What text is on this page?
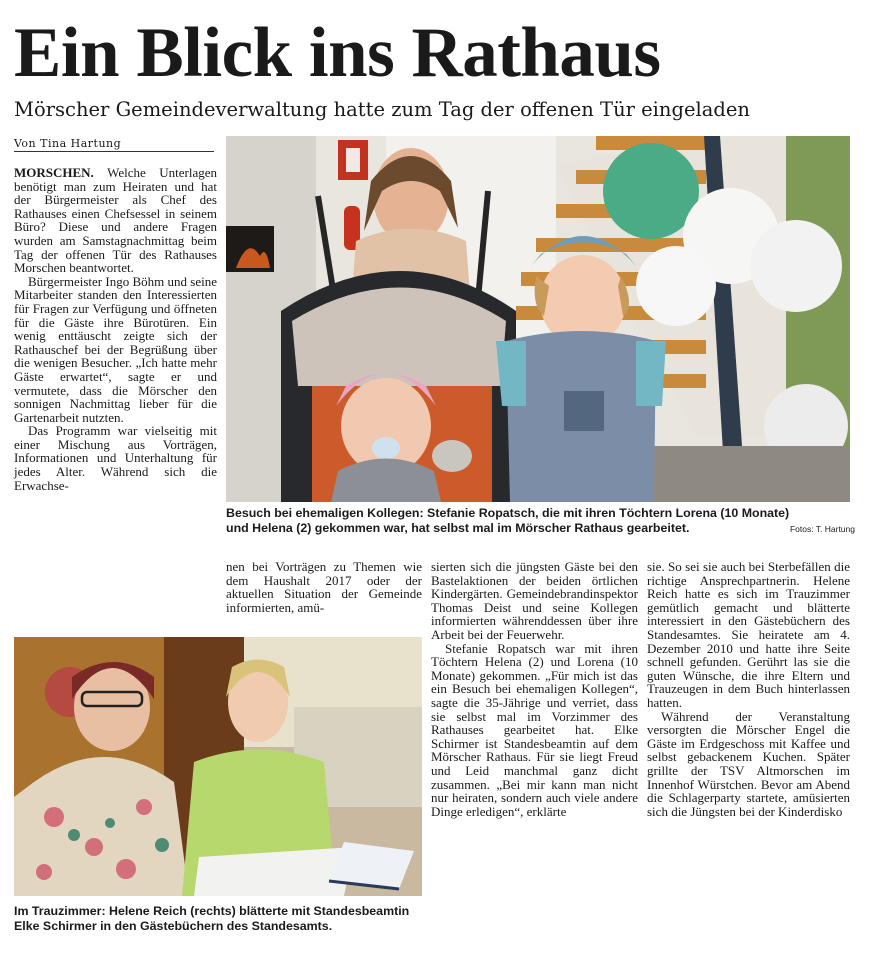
Ein Blick ins Rathaus
Mörscher Gemeindeverwaltung hatte zum Tag der offenen Tür eingeladen
Von Tina Hartung

MORSCHEN. Welche Unterlagen benötigt man zum Heiraten und hat der Bürgermeister als Chef des Rathauses einen Chefsessel in seinem Büro? Diese und andere Fragen wurden am Samstagnachmittag beim Tag der offenen Tür des Rathauses Morschen beantwortet.

Bürgermeister Ingo Böhm und seine Mitarbeiter standen den Interessierten für Fragen zur Verfügung und öffneten für die Gäste ihre Bürotüren. Ein wenig enttäuscht zeigte sich der Rathauschef bei der Begrüßung über die wenigen Besucher. „Ich hatte mehr Gäste erwartet“, sagte er und vermutete, dass die Mörscher den sonnigen Nachmittag lieber für die Gartenarbeit nutzten.

Das Programm war vielseitig mit einer Mischung aus Vorträgen, Informationen und Unterhaltung für jedes Alter. Während sich die Erwachse-

Besuch bei ehemaligen Kollegen: Stefanie Ropatsch, die mit ihren Töchtern Lorena (10 Monate) und Helena (2) gekommen war, hat selbst mal im Mörscher Rathaus gearbeitet.	Fotos: T. Hartung

nen bei Vorträgen zu Themen wie dem Haushalt 2017 oder der aktuellen Situation der Gemeinde informierten, amü-

sierten sich die jüngsten Gäste bei den Bastelaktionen der beiden örtlichen Kindergärten. Gemeindebrandinspektor Thomas Deist und seine Kollegen informierten währenddessen über ihre Arbeit bei der Feuerwehr.

Stefanie Ropatsch war mit ihren Töchtern Helena (2) und Lorena (10 Monate) gekommen. „Für mich ist das ein Besuch bei ehemaligen Kollegen“, sagte die 35-Jährige und verriet, dass sie selbst mal im Vorzimmer des Rathauses gearbeitet hat. Elke Schirmer ist Standesbeamtin auf dem Mörscher Rathaus. Für sie liegt Freud und Leid manchmal ganz dicht zusammen. „Bei mir kann man nicht nur heiraten, sondern auch viele andere Dinge erledigen“, erklärte

sie. So sei sie auch bei Sterbefällen die richtige Ansprechpartnerin. Helene Reich hatte es sich im Trauzimmer gemütlich gemacht und blätterte interessiert in den Gästebüchern des Standesamtes. Sie heiratete am 4. Dezember 2010 und hatte ihre Seite schnell gefunden. Gerührt las sie die guten Wünsche, die ihre Eltern und Trauzeugen in dem Buch hinterlassen hatten.

Während der Veranstaltung versorgten die Mörscher Engel die Gäste im Erdgeschoss mit Kaffee und selbst gebackenem Kuchen. Später grillte der TSV Altmorschen im Innenhof Würstchen. Bevor am Abend die Schlagerparty startete, amüsierten sich die Jüngsten bei der Kinderdisko

Im Trauzimmer: Helene Reich (rechts) blätterte mit Standesbeamtin Elke Schirmer in den Gästebüchern des Standesamts.
